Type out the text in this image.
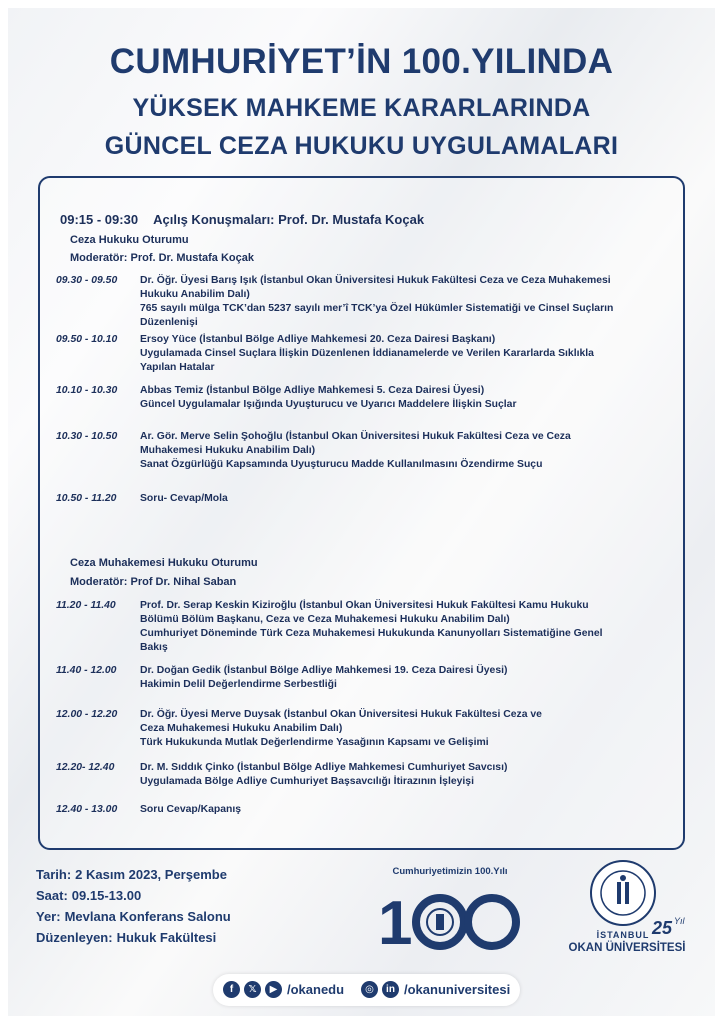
CUMHURİYET’İN 100.YILINDA
YÜKSEK MAHKEME KARARLARINDA
GÜNCEL CEZA HUKUKU UYGULAMALARI
09:15 - 09:30 Açılış Konuşmaları: Prof. Dr. Mustafa Koçak
Ceza Hukuku Oturumu
Moderatör: Prof. Dr. Mustafa Koçak
09.30 - 09.50	Dr. Öğr. Üyesi Barış Işık (İstanbul Okan Üniversitesi Hukuk Fakültesi Ceza ve Ceza Muhakemesi
Hukuku Anabilim Dalı)
765 sayılı mülga TCK’dan 5237 sayılı mer’î TCK’ya Özel Hükümler Sistematiği ve Cinsel Suçların
Düzenlenişi
09.50 - 10.10	Ersoy Yüce (İstanbul Bölge Adliye Mahkemesi 20. Ceza Dairesi Başkanı)
Uygulamada Cinsel Suçlara İlişkin Düzenlenen İddianamelerde ve Verilen Kararlarda Sıklıkla
Yapılan Hatalar
10.10 - 10.30	Abbas Temiz (İstanbul Bölge Adliye Mahkemesi 5. Ceza Dairesi Üyesi)
Güncel Uygulamalar Işığında Uyuşturucu ve Uyarıcı Maddelere İlişkin Suçlar
10.30 - 10.50	Ar. Gör. Merve Selin Şohoğlu (İstanbul Okan Üniversitesi Hukuk Fakültesi Ceza ve Ceza
Muhakemesi Hukuku Anabilim Dalı)
Sanat Özgürlüğü Kapsamında Uyuşturucu Madde Kullanılmasını Özendirme Suçu
10.50 - 11.20	Soru- Cevap/Mola
Ceza Muhakemesi Hukuku Oturumu
Moderatör: Prof Dr. Nihal Saban
11.20 - 11.40	Prof. Dr. Serap Keskin Kiziroğlu (İstanbul Okan Üniversitesi Hukuk Fakültesi Kamu Hukuku
Bölümü Bölüm Başkanu, Ceza ve Ceza Muhakemesi Hukuku Anabilim Dalı)
Cumhuriyet Döneminde Türk Ceza Muhakemesi Hukukunda Kanunyolları Sistematiğine Genel
Bakış
11.40 - 12.00	Dr. Doğan Gedik (İstanbul Bölge Adliye Mahkemesi 19. Ceza Dairesi Üyesi)
Hakimin Delil Değerlendirme Serbestliği
12.00 - 12.20	Dr. Öğr. Üyesi Merve Duysak (İstanbul Okan Üniversitesi Hukuk Fakültesi Ceza ve
Ceza Muhakemesi Hukuku Anabilim Dalı)
Türk Hukukunda Mutlak Değerlendirme Yasağının Kapsamı ve Gelişimi
12.20- 12.40	Dr. M. Sıddık Çinko (İstanbul Bölge Adliye Mahkemesi Cumhuriyet Savcısı)
Uygulamada Bölge Adliye Cumhuriyet Başsavcılığı İtirazının İşleyişi
12.40 - 13.00	Soru Cevap/Kapanış
Tarih: 2 Kasım 2023, Perşembe
Saat: 09.15-13.00
Yer: Mevlana Konferans Salonu
Düzenleyen: Hukuk Fakültesi
Cumhuriyetimizin 100.Yılı
1	25 Yıl
İSTANBUL
OKAN ÜNİVERSİTESİ
f	𝕏	▶ /okanedu	◎	in /okanuniversitesi
